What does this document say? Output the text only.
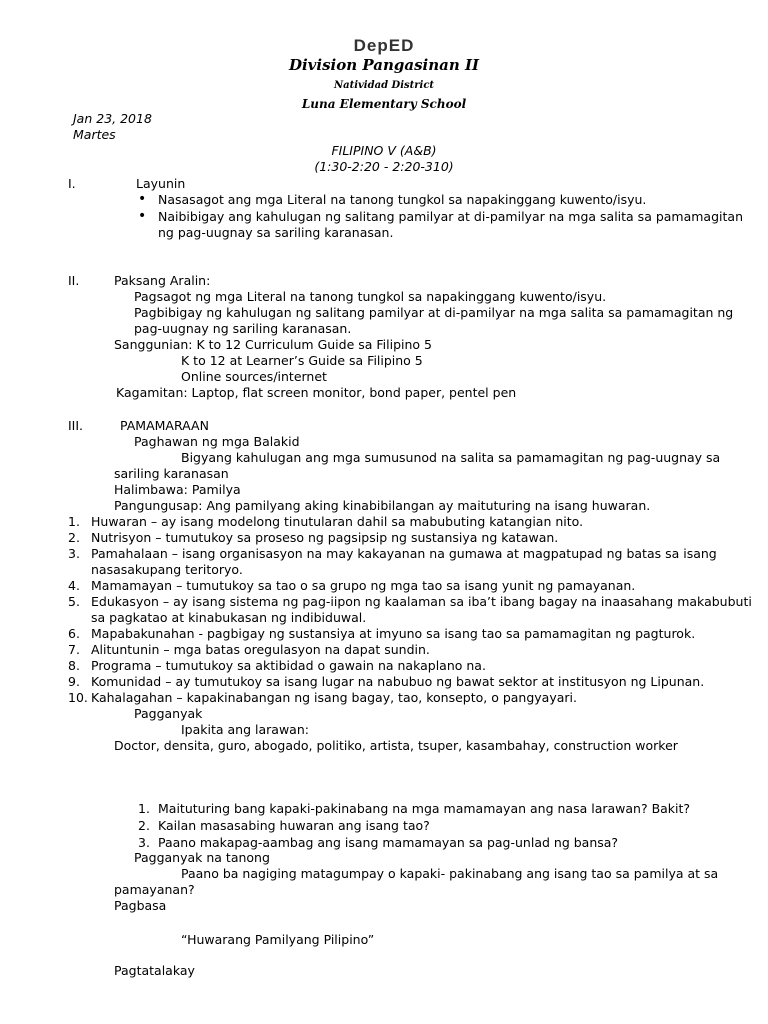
DepED
Division Pangasinan II
Natividad District
Luna Elementary School
Jan 23, 2018
Martes
FILIPINO V (A&B)
(1:30-2:20 - 2:20-310)
I.	Layunin
• Nasasagot ang mga Literal na tanong tungkol sa napakinggang kuwento/isyu.
• Naibibigay ang kahulugan ng salitang pamilyar at di-pamilyar na mga salita sa pamamagitan
ng pag-uugnay sa sariling karanasan.
II.	Paksang Aralin:
Pagsagot ng mga Literal na tanong tungkol sa napakinggang kuwento/isyu.
Pagbibigay ng kahulugan ng salitang pamilyar at di-pamilyar na mga salita sa pamamagitan ng
pag-uugnay ng sariling karanasan.
Sanggunian: K to 12 Curriculum Guide sa Filipino 5
K to 12 at Learner’s Guide sa Filipino 5
Online sources/internet
Kagamitan: Laptop, flat screen monitor, bond paper, pentel pen
III.	PAMAMARAAN
Paghawan ng mga Balakid
Bigyang kahulugan ang mga sumusunod na salita sa pamamagitan ng pag-uugnay sa
sariling karanasan
Halimbawa: Pamilya
Pangungusap: Ang pamilyang aking kinabibilangan ay maituturing na isang huwaran.
1. Huwaran – ay isang modelong tinutularan dahil sa mabubuting katangian nito.
2. Nutrisyon – tumutukoy sa proseso ng pagsipsip ng sustansiya ng katawan.
3. Pamahalaan – isang organisasyon na may kakayanan na gumawa at magpatupad ng batas sa isang
nasasakupang teritoryo.
4. Mamamayan – tumutukoy sa tao o sa grupo ng mga tao sa isang yunit ng pamayanan.
5. Edukasyon – ay isang sistema ng pag-iipon ng kaalaman sa iba’t ibang bagay na inaasahang makabubuti
sa pagkatao at kinabukasan ng indibiduwal.
6. Mapabakunahan - pagbigay ng sustansiya at imyuno sa isang tao sa pamamagitan ng pagturok.
7. Alituntunin – mga batas oregulasyon na dapat sundin.
8. Programa – tumutukoy sa aktibidad o gawain na nakaplano na.
9. Komunidad – ay tumutukoy sa isang lugar na nabubuo ng bawat sektor at institusyon ng Lipunan.
10. Kahalagahan – kapakinabangan ng isang bagay, tao, konsepto, o pangyayari.
Pagganyak
Ipakita ang larawan:
Doctor, densita, guro, abogado, politiko, artista, tsuper, kasambahay, construction worker
1. Maituturing bang kapaki-pakinabang na mga mamamayan ang nasa larawan? Bakit?
2. Kailan masasabing huwaran ang isang tao?
3. Paano makapag-aambag ang isang mamamayan sa pag-unlad ng bansa?
Pagganyak na tanong
Paano ba nagiging matagumpay o kapaki- pakinabang ang isang tao sa pamilya at sa
pamayanan?
Pagbasa
“Huwarang Pamilyang Pilipino”
Pagtatalakay
